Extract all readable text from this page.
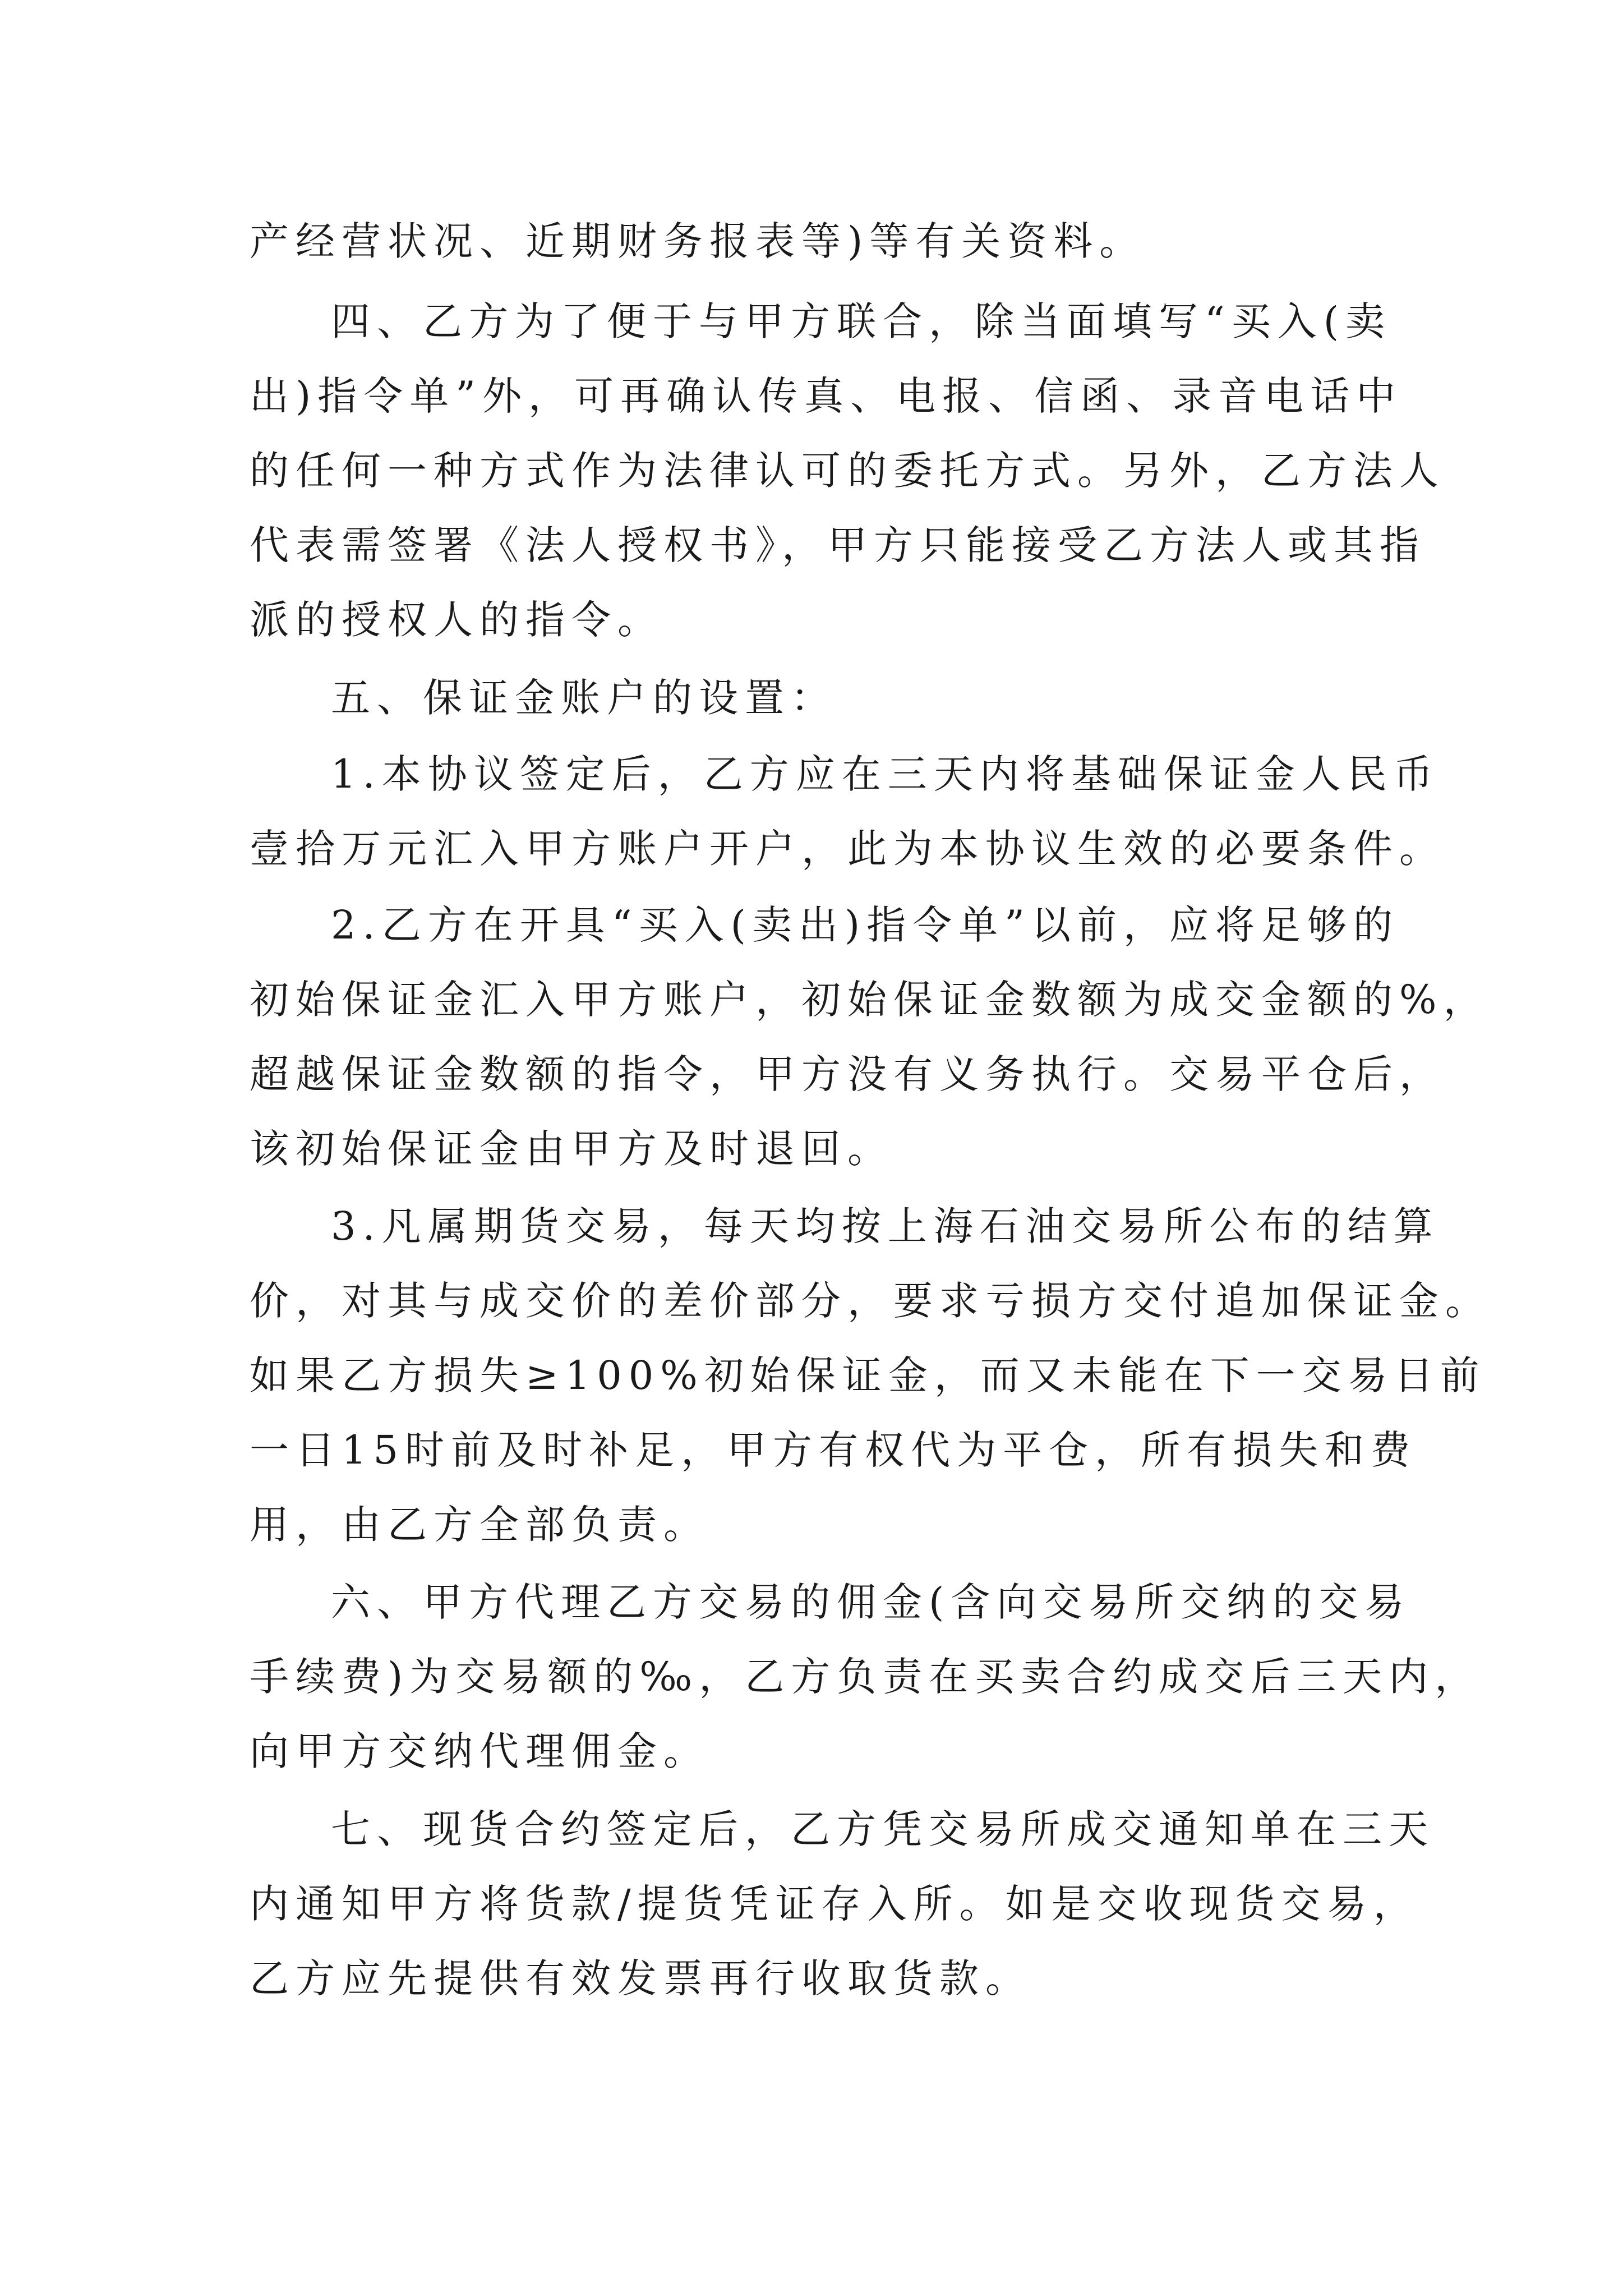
产经营状况、近期财务报表等)等有关资料。
四、乙方为了便于与甲方联合，除当面填写“买入(卖
出)指令单”外，可再确认传真、电报、信函、录音电话中
的任何一种方式作为法律认可的委托方式。另外，乙方法人
代表需签署《法人授权书》，甲方只能接受乙方法人或其指
派的授权人的指令。
五、保证金账户的设置：
1.本协议签定后，乙方应在三天内将基础保证金人民币
壹拾万元汇入甲方账户开户，此为本协议生效的必要条件。
2.乙方在开具“买入(卖出)指令单”以前，应将足够的
初始保证金汇入甲方账户，初始保证金数额为成交金额的%，
超越保证金数额的指令，甲方没有义务执行。交易平仓后，
该初始保证金由甲方及时退回。
3.凡属期货交易，每天均按上海石油交易所公布的结算
价，对其与成交价的差价部分，要求亏损方交付追加保证金。
如果乙方损失≥100%初始保证金，而又未能在下一交易日前
一日15时前及时补足，甲方有权代为平仓，所有损失和费
用，由乙方全部负责。
六、甲方代理乙方交易的佣金(含向交易所交纳的交易
手续费)为交易额的‰，乙方负责在买卖合约成交后三天内，
向甲方交纳代理佣金。
七、现货合约签定后，乙方凭交易所成交通知单在三天
内通知甲方将货款/提货凭证存入所。如是交收现货交易，
乙方应先提供有效发票再行收取货款。
